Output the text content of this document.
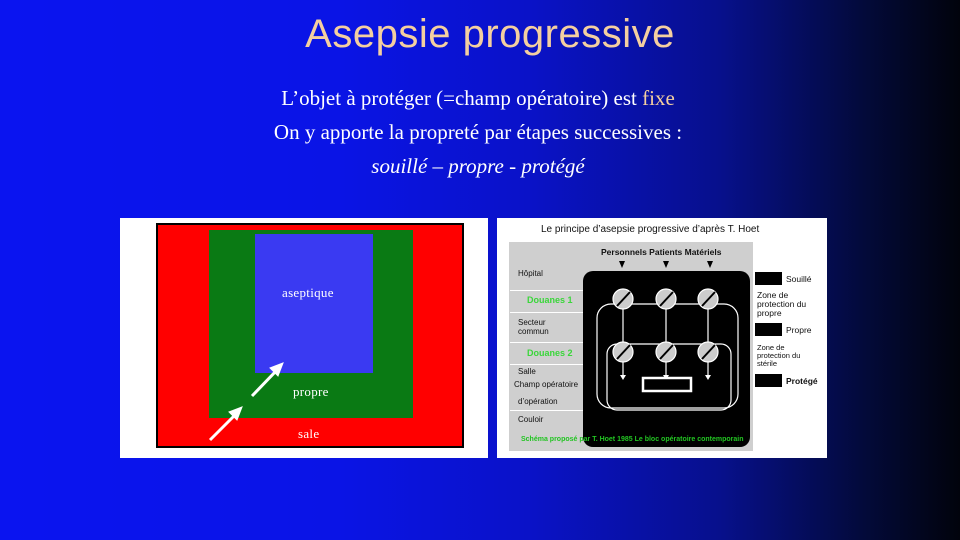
Asepsie progressive
L’objet à protéger (=champ opératoire) est fixe
On y apporte la propreté par étapes successives :
souillé – propre - protégé
aseptique
propre
sale
Le principe d’asepsie progressive d’après T. Hoet
Hôpital
Douanes 1
Secteur
commun
Douanes 2
Salle
Champ opératoire
d’opération
Couloir
Personnels Patients Matériels
Souillé
Zone de
protection du
propre
Propre
Zone de
protection du
stérile
Protégé
Schéma proposé par T. Hoet 1985 Le bloc opératoire contemporain
